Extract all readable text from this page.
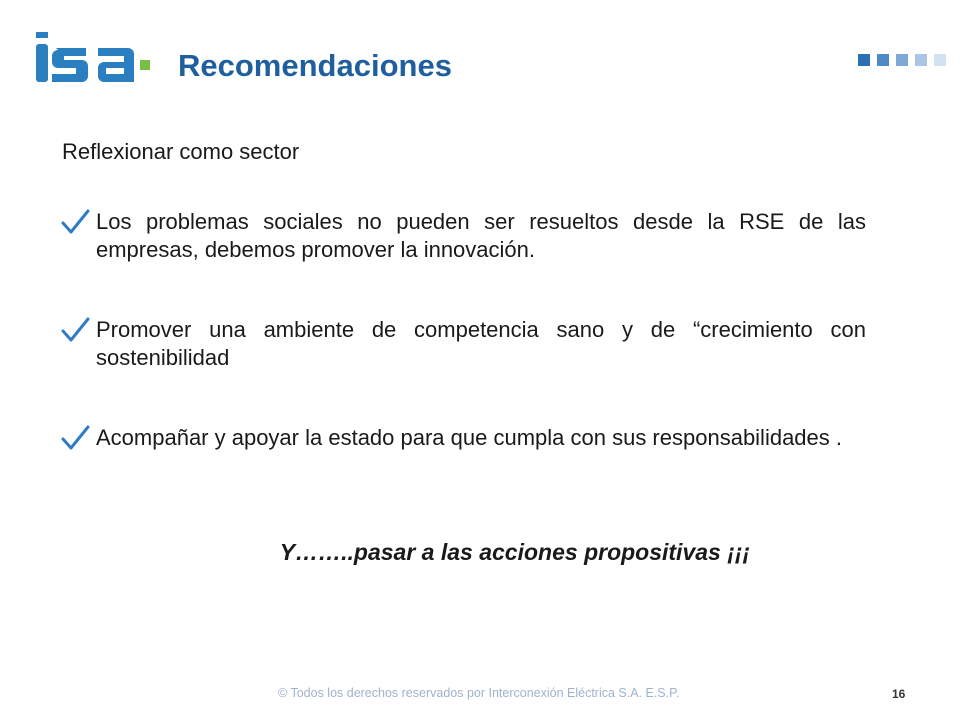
Recomendaciones

Reflexionar como sector

Los problemas sociales no pueden ser resueltos desde la RSE de las empresas, debemos promover la innovación.
Promover una ambiente de competencia sano y de “crecimiento con sostenibilidad
Acompañar y apoyar la estado para que cumpla con sus responsabilidades .

Y……..pasar a las acciones propositivas ¡¡¡

© Todos los derechos reservados por Interconexión Eléctrica S.A. E.S.P.	16
